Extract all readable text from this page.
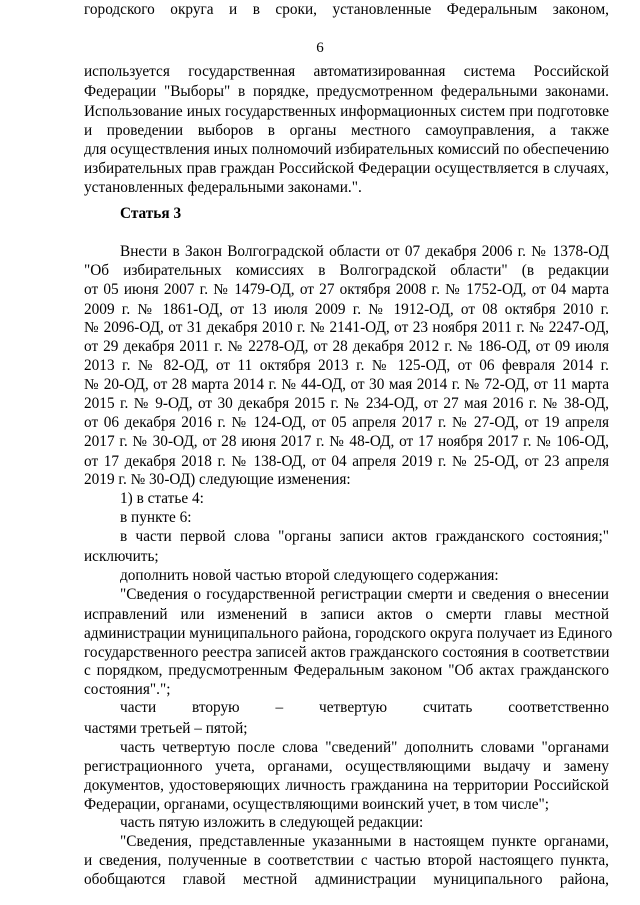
6
Статья 3
используется государственная автоматизированная система Российской
Федерации "Выборы" в порядке, предусмотренном федеральными законами.
Использование иных государственных информационных систем при подготовке
и проведении выборов в органы местного самоуправления, а также
для осуществления иных полномочий избирательных комиссий по обеспечению
избирательных прав граждан Российской Федерации осуществляется в случаях,
установленных федеральными законами.".
Внести в Закон Волгоградской области от 07 декабря 2006 г. № 1378-ОД
"Об избирательных комиссиях в Волгоградской области" (в редакции
от 05 июня 2007 г. № 1479-ОД, от 27 октября 2008 г. № 1752-ОД, от 04 марта
2009 г. № 1861-ОД, от 13 июля 2009 г. № 1912-ОД, от 08 октября 2010 г.
№ 2096-ОД, от 31 декабря 2010 г. № 2141-ОД, от 23 ноября 2011 г. № 2247-ОД,
от 29 декабря 2011 г. № 2278-ОД, от 28 декабря 2012 г. № 186-ОД, от 09 июля
2013 г. № 82-ОД, от 11 октября 2013 г. № 125-ОД, от 06 февраля 2014 г.
№ 20-ОД, от 28 марта 2014 г. № 44-ОД, от 30 мая 2014 г. № 72-ОД, от 11 марта
2015 г. № 9-ОД, от 30 декабря 2015 г. № 234-ОД, от 27 мая 2016 г. № 38-ОД,
от 06 декабря 2016 г. № 124-ОД, от 05 апреля 2017 г. № 27-ОД, от 19 апреля
2017 г. № 30-ОД, от 28 июня 2017 г. № 48-ОД, от 17 ноября 2017 г. № 106-ОД,
от 17 декабря 2018 г. № 138-ОД, от 04 апреля 2019 г. № 25-ОД, от 23 апреля
2019 г. № 30-ОД) следующие изменения:
1) в статье 4:
в пункте 6:
в части первой слова "органы записи актов гражданского состояния;"
исключить;
дополнить новой частью второй следующего содержания:
"Сведения о государственной регистрации смерти и сведения о внесении
исправлений или изменений в записи актов о смерти главы местной
администрации муниципального района, городского округа получает из Единого
государственного реестра записей актов гражданского состояния в соответствии
с порядком, предусмотренным Федеральным законом "Об актах гражданского
состояния".";
части вторую – четвертую считать соответственно
частями третьей – пятой;
часть четвертую после слова "сведений" дополнить словами "органами
регистрационного учета, органами, осуществляющими выдачу и замену
документов, удостоверяющих личность гражданина на территории Российской
Федерации, органами, осуществляющими воинский учет, в том числе";
часть пятую изложить в следующей редакции:
"Сведения, представленные указанными в настоящем пункте органами,
и сведения, полученные в соответствии с частью второй настоящего пункта,
обобщаются главой местной администрации муниципального района,
городского округа и в сроки, установленные Федеральным законом,
